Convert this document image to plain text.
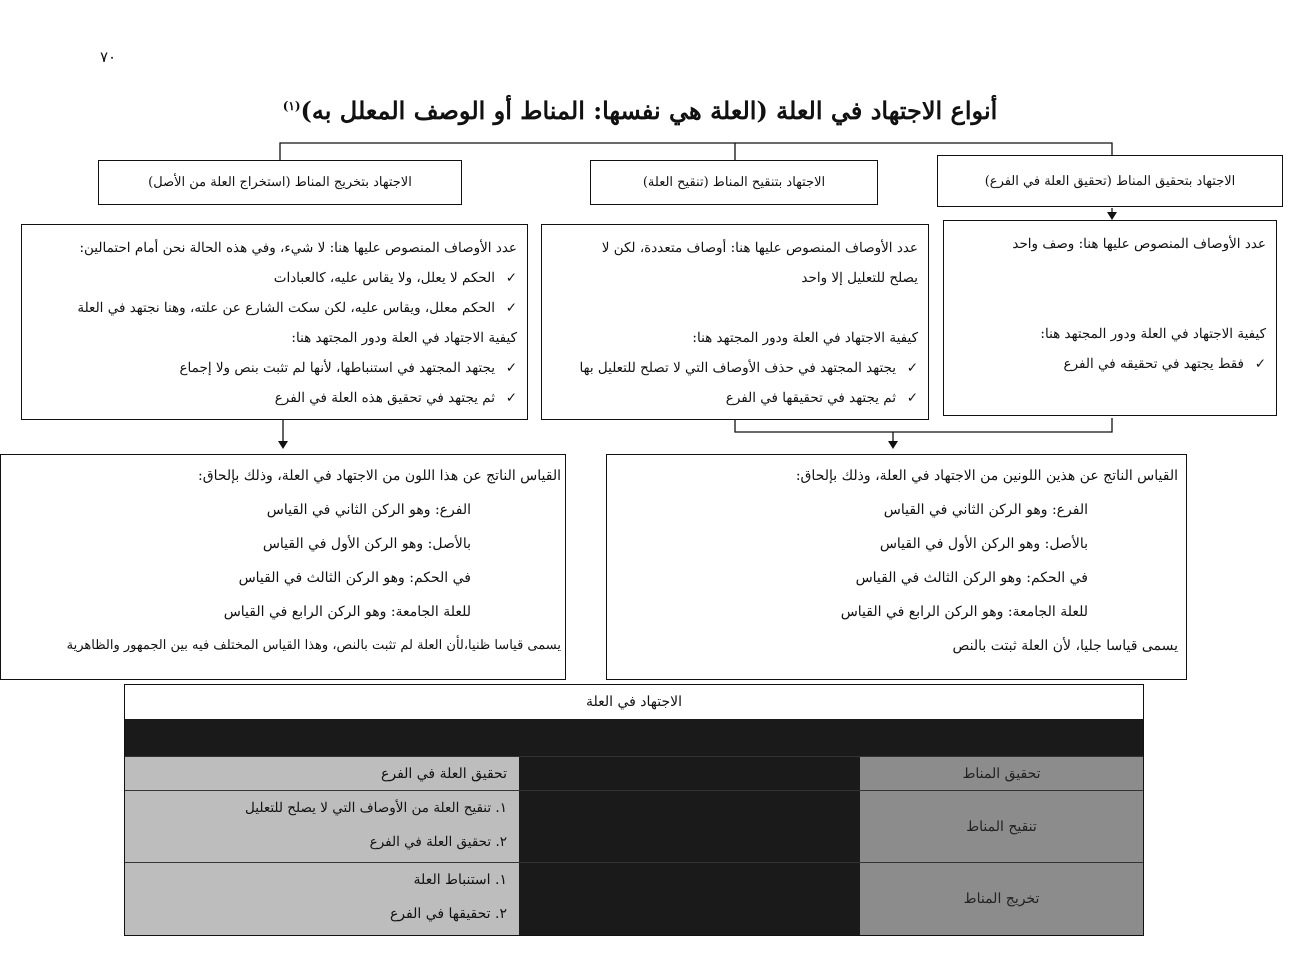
٧٠
أنواع الاجتهاد في العلة (العلة هي نفسها: المناط أو الوصف المعلل به)$^{(١)}$
الاجتهاد بتحقيق المناط (تحقيق العلة في الفرع)
الاجتهاد بتنقيح المناط (تنقيح العلة)
الاجتهاد بتخريج المناط (استخراج العلة من الأصل)
عدد الأوصاف المنصوص عليها هنا: وصف واحد
كيفية الاجتهاد في العلة ودور المجتهد هنا:
✓فقط يجتهد في تحقيقه في الفرع
عدد الأوصاف المنصوص عليها هنا: أوصاف متعددة، لكن لا
يصلح للتعليل إلا واحد
كيفية الاجتهاد في العلة ودور المجتهد هنا:
✓يجتهد المجتهد في حذف الأوصاف التي لا تصلح للتعليل بها
✓ثم يجتهد في تحقيقها في الفرع
عدد الأوصاف المنصوص عليها هنا: لا شيء، وفي هذه الحالة نحن أمام احتمالين:
✓الحكم لا يعلل، ولا يقاس عليه، كالعبادات
✓الحكم معلل، ويقاس عليه، لكن سكت الشارع عن علته، وهنا نجتهد في العلة
كيفية الاجتهاد في العلة ودور المجتهد هنا:
✓يجتهد المجتهد في استنباطها، لأنها لم تثبت بنص ولا إجماع
✓ثم يجتهد في تحقيق هذه العلة في الفرع
القياس الناتج عن هذين اللونين من الاجتهاد في العلة، وذلك بإلحاق:
الفرع: وهو الركن الثاني في القياس
بالأصل: وهو الركن الأول في القياس
في الحكم: وهو الركن الثالث في القياس
للعلة الجامعة: وهو الركن الرابع في القياس
يسمى قياسا جليا، لأن العلة ثبتت بالنص
القياس الناتج عن هذا اللون من الاجتهاد في العلة، وذلك بإلحاق:
الفرع: وهو الركن الثاني في القياس
بالأصل: وهو الركن الأول في القياس
في الحكم: وهو الركن الثالث في القياس
للعلة الجامعة: وهو الركن الرابع في القياس
يسمى قياسا ظنيا،لأن العلة لم تثبت بالنص، وهذا القياس المختلف فيه بين الجمهور والظاهرية
الاجتهاد في العلة
تحقيق المناط
تحقيق العلة في الفرع
تنقيح المناط
١. تنقيح العلة من الأوصاف التي لا يصلح للتعليل
٢. تحقيق العلة في الفرع
تخريج المناط
١. استنباط العلة
٢. تحقيقها في الفرع
